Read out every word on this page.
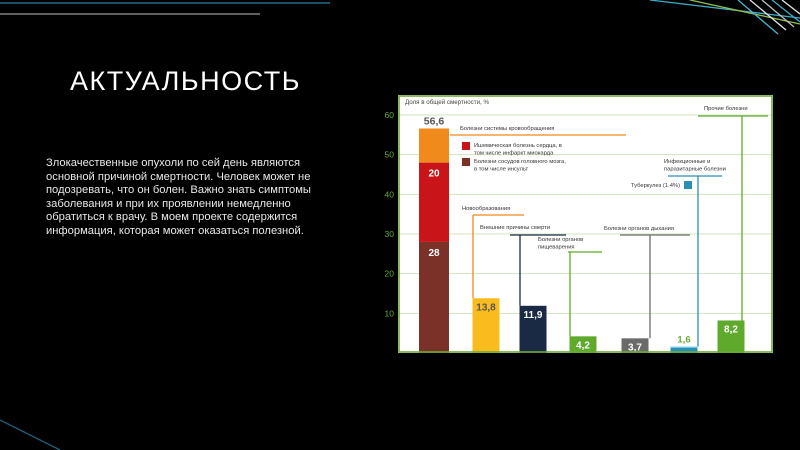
АКТУАЛЬНОСТЬ
Злокачественные опухоли по сей день являются основной причиной смертности. Человек может не подозревать, что он болен. Важно знать симптомы заболевания и при их проявлении немедленно обратиться к врачу. В моем проекте содержится информация, которая может оказаться полезной.
Болезни системы кровообращения
Новообразования
Внешние причины смерти
Болезни органов
пищеварения
Болезни органов дыхания
Инфекционные и
паразитарные болезни
Прочие болезни
28
20
56,6
13,8
11,9
4,2	3,7
1,6
8,2
Ишемическая болезнь сердца, в
том числе инфаркт миокарда
Болезни сосудов головного мозга,
в том числе инсульт
Туберкулез (1.4%)
Доля в общей смертности, %
10
20
30
40
50
60
